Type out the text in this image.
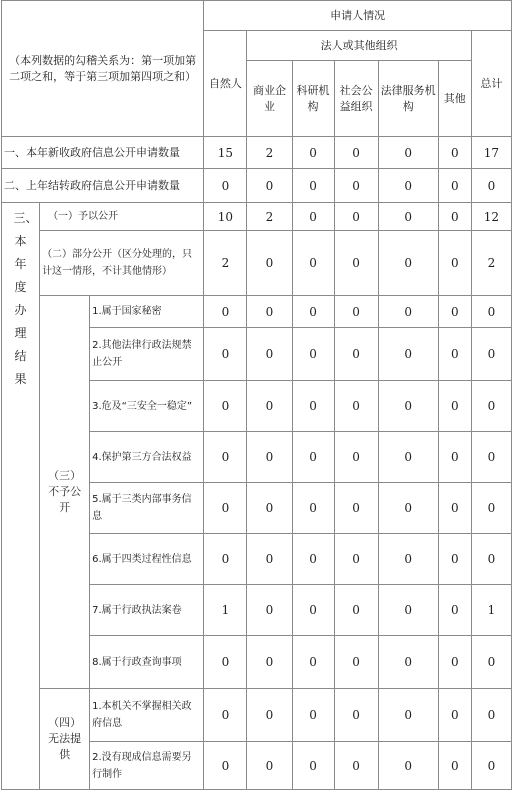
（本列数据的勾稽关系为：第一项加第二项之和，等于第三项加第四项之和）			申请人情况						
			自然人	法人或其他组织					总计
				商业企业	科研机构	社会公益组织	法律服务机构	其他	
一、本年新收政府信息公开申请数量			15	2	0	0	0	0	17
二、上年结转政府信息公开申请数量			0	0	0	0	0	0	0

三、本年度办理结果	（一）予以公开		10	2	0	0	0	0	12
	（二）部分公开（区分处理的，只计这一情形，不计其他情形）		2	0	0	0	0	0	2

	（三）不予公开	1.属于国家秘密	0	0	0	0	0	0	0
		2.其他法律行政法规禁止公开	0	0	0	0	0	0	0
		3.危及“三安全一稳定”	0	0	0	0	0	0	0
		4.保护第三方合法权益	0	0	0	0	0	0	0
		5.属于三类内部事务信息	0	0	0	0	0	0	0
		6.属于四类过程性信息	0	0	0	0	0	0	0
		7.属于行政执法案卷	1	0	0	0	0	0	1
		8.属于行政查询事项	0	0	0	0	0	0	0

	（四）无法提供	1.本机关不掌握相关政府信息	0	0	0	0	0	0	0
		2.没有现成信息需要另行制作	0	0	0	0	0	0	0
